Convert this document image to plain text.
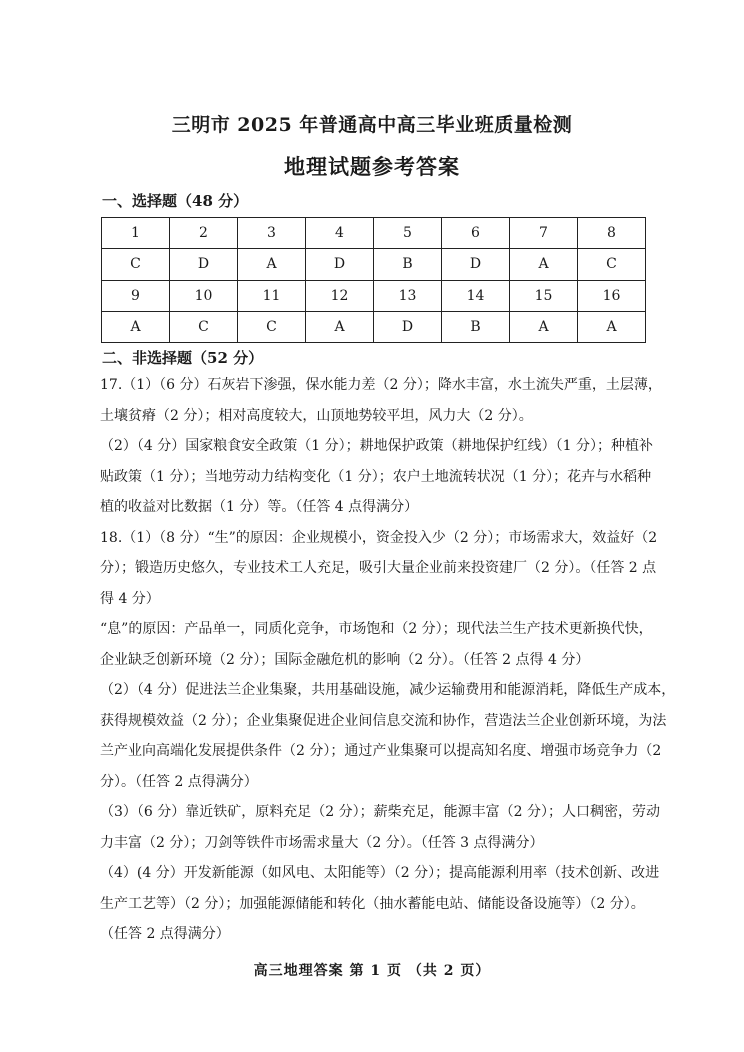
三明市 2025 年普通高中高三毕业班质量检测
地理试题参考答案
一、选择题（48 分）
1	2	3	4	5	6	7	8
C	D	A	D	B	D	A	C
9	10	11	12	13	14	15	16
A	C	C	A	D	B	A	A
二、非选择题（52 分）
17.（1）（6 分）石灰岩下渗强，保水能力差（2 分）；降水丰富，水土流失严重，土层薄，
土壤贫瘠（2 分）；相对高度较大，山顶地势较平坦，风力大（2 分）。
（2）（4 分）国家粮食安全政策（1 分）；耕地保护政策（耕地保护红线）（1 分）；种植补
贴政策（1 分）；当地劳动力结构变化（1 分）；农户土地流转状况（1 分）；花卉与水稻种
植的收益对比数据（1 分）等。（任答 4 点得满分）
18.（1）（8 分）“生”的原因：企业规模小，资金投入少（2 分）；市场需求大，效益好（2
分）；锻造历史悠久，专业技术工人充足，吸引大量企业前来投资建厂（2 分）。（任答 2 点
得 4 分）
“息”的原因：产品单一，同质化竞争，市场饱和（2 分）；现代法兰生产技术更新换代快，
企业缺乏创新环境（2 分）；国际金融危机的影响（2 分）。（任答 2 点得 4 分）
（2）（4 分）促进法兰企业集聚，共用基础设施，减少运输费用和能源消耗，降低生产成本，
获得规模效益（2 分）；企业集聚促进企业间信息交流和协作，营造法兰企业创新环境，为法
兰产业向高端化发展提供条件（2 分）；通过产业集聚可以提高知名度、增强市场竞争力（2
分）。（任答 2 点得满分）
（3）（6 分）靠近铁矿，原料充足（2 分）；薪柴充足，能源丰富（2 分）；人口稠密，劳动
力丰富（2 分）；刀剑等铁件市场需求量大（2 分）。（任答 3 点得满分）
（4）(4 分）开发新能源（如风电、太阳能等）（2 分）；提高能源利用率（技术创新、改进
生产工艺等）（2 分）；加强能源储能和转化（抽水蓄能电站、储能设备设施等）（2 分）。
（任答 2 点得满分）
高三地理答案 第 1 页 （共 2 页）
